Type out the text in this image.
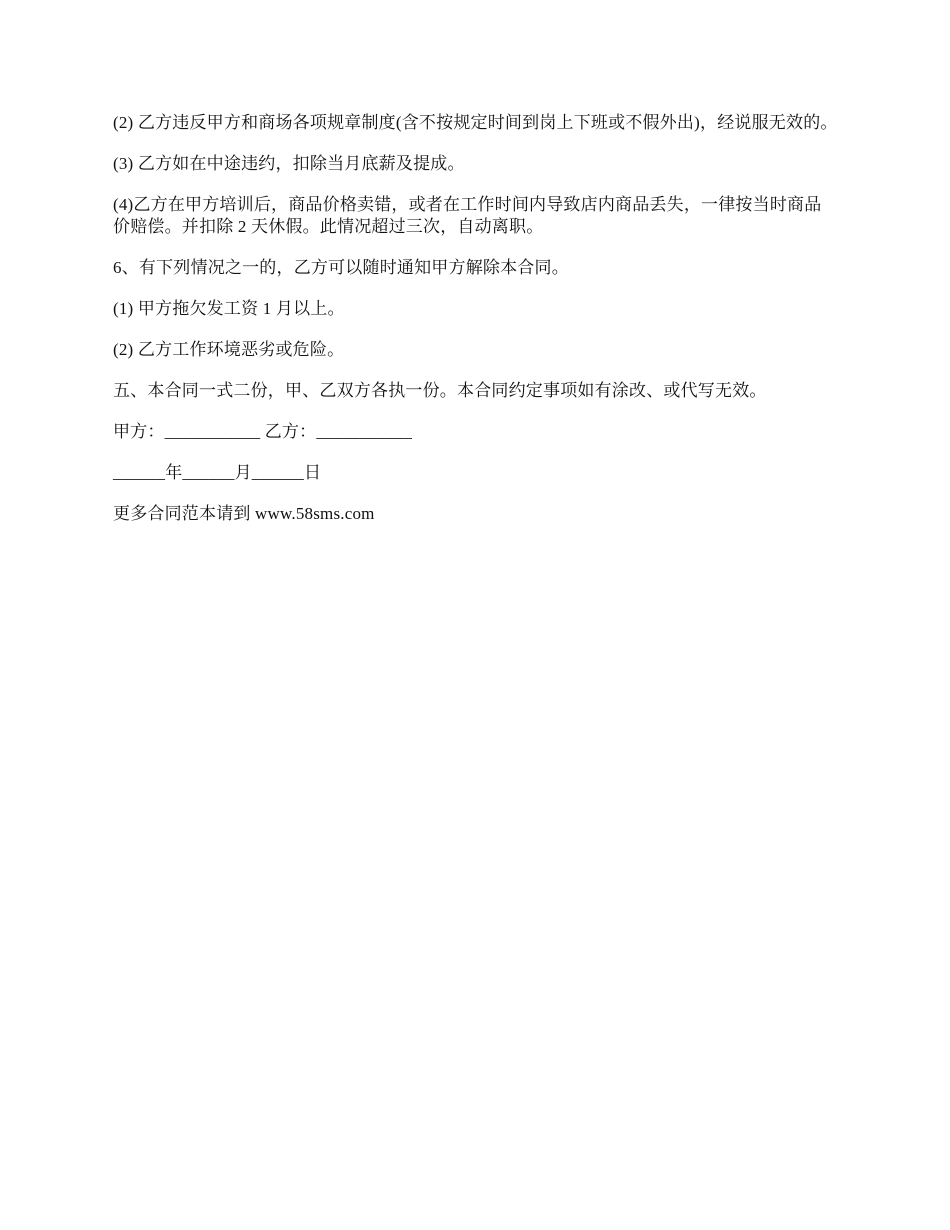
(2) 乙方违反甲方和商场各项规章制度(含不按规定时间到岗上下班或不假外出)，经说服无效的。

(3) 乙方如在中途违约，扣除当月底薪及提成。

(4)乙方在甲方培训后，商品价格卖错，或者在工作时间内导致店内商品丢失，一律按当时商品价赔偿。并扣除 2 天休假。此情况超过三次，自动离职。

6、有下列情况之一的，乙方可以随时通知甲方解除本合同。

(1) 甲方拖欠发工资 1 月以上。

(2) 乙方工作环境恶劣或危险。

五、本合同一式二份，甲、乙双方各执一份。本合同约定事项如有涂改、或代写无效。

甲方：___________ 乙方：___________

______年______月______日

更多合同范本请到 www.58sms.com
